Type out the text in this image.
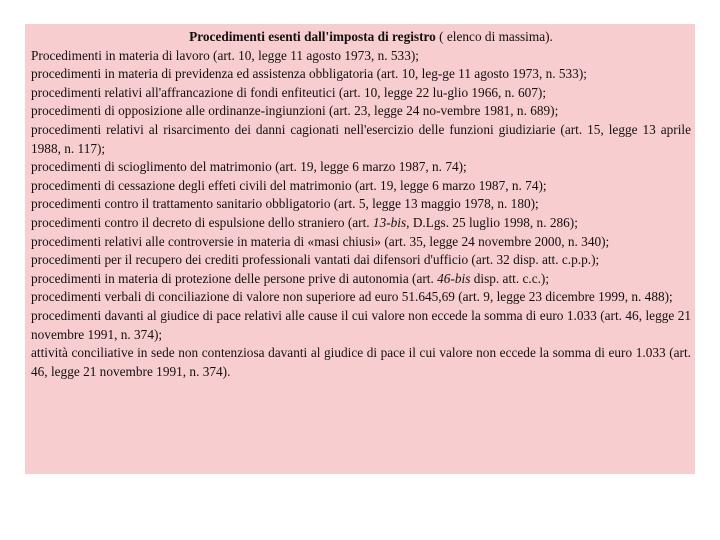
Procedimenti esenti dall'imposta di registro ( elenco di massima).

Procedimenti in materia di lavoro (art. 10, legge 11 agosto 1973, n. 533);

procedimenti in materia di previdenza ed assistenza obbligatoria (art. 10, leg-ge 11 agosto 1973, n. 533);

procedimenti relativi all'affrancazione di fondi enfiteutici (art. 10, legge 22 lu-glio 1966, n. 607);

procedimenti di opposizione alle ordinanze-ingiunzioni (art. 23, legge 24 no-vembre 1981, n. 689);

procedimenti relativi al risarcimento dei danni cagionati nell'esercizio delle funzioni giudiziarie (art. 15, legge 13 aprile 1988, n. 117);

procedimenti di scioglimento del matrimonio (art. 19, legge 6 marzo 1987, n. 74);

procedimenti di cessazione degli effeti civili del matrimonio (art. 19, legge 6 marzo 1987, n. 74);

procedimenti contro il trattamento sanitario obbligatorio (art. 5, legge 13 maggio 1978, n. 180);

procedimenti contro il decreto di espulsione dello straniero (art. 13-bis, D.Lgs. 25 luglio 1998, n. 286);

procedimenti relativi alle controversie in materia di «masi chiusi» (art. 35, legge 24 novembre 2000, n. 340);

procedimenti per il recupero dei crediti professionali vantati dai difensori d'ufficio (art. 32 disp. att. c.p.p.);

procedimenti in materia di protezione delle persone prive di autonomia (art. 46-bis disp. att. c.c.);

procedimenti verbali di conciliazione di valore non superiore ad euro 51.645,69 (art. 9, legge 23 dicembre 1999, n. 488);

procedimenti davanti al giudice di pace relativi alle cause il cui valore non eccede la somma di euro 1.033 (art. 46, legge 21 novembre 1991, n. 374);

attività conciliative in sede non contenziosa davanti al giudice di pace il cui valore non eccede la somma di euro 1.033 (art. 46, legge 21 novembre 1991, n. 374).
